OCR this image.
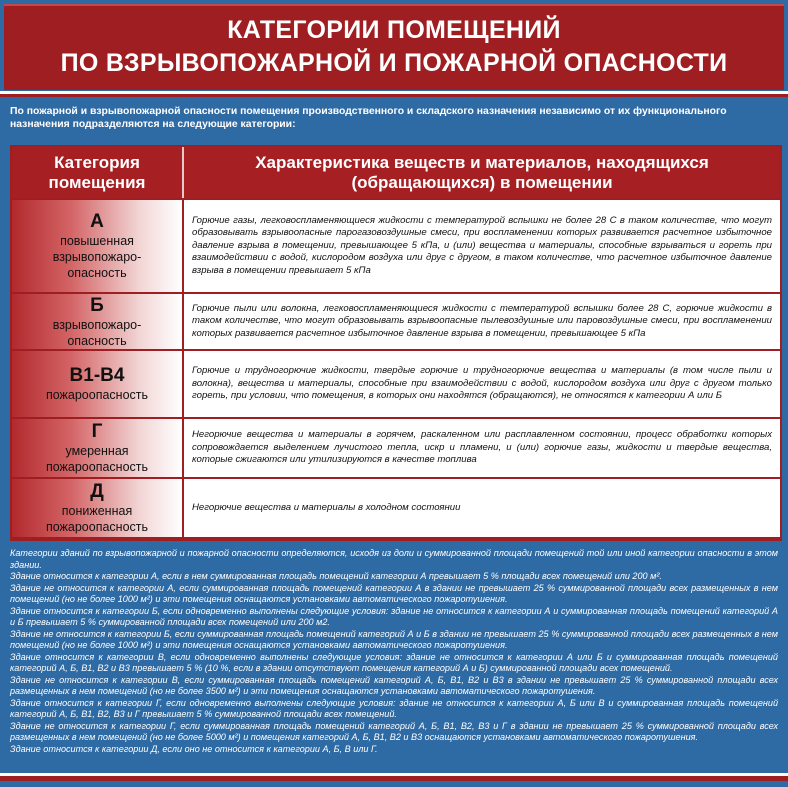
КАТЕГОРИИ ПОМЕЩЕНИЙ
ПО ВЗРЫВОПОЖАРНОЙ И ПОЖАРНОЙ ОПАСНОСТИ
По пожарной и взрывопожарной опасности помещения производственного и складского назначения независимо от их функционального назначения подразделяются на следующие категории:
Категория помещения
Характеристика веществ и материалов, находящихся (обращающихся) в помещении
А
повышенная взрывопожаро-опасность
Горючие газы, легковоспламеняющиеся жидкости с температурой вспышки не более 28 С в таком количестве, что могут образовывать взрывоопасные парогазовоздушные смеси, при воспламенении которых развивается расчетное избыточное давление взрыва в помещении, превышающее 5 кПа, и (или) вещества и материалы, способные взрываться и гореть при взаимодействии с водой, кислородом воздуха или друг с другом, в таком количестве, что расчетное избыточное давление взрыва в помещении превышает 5 кПа
Б
взрывопожаро-опасность
Горючие пыли или волокна, легковоспламеняющиеся жидкости с температурой вспышки более 28 С, горючие жидкости в таком количестве, что могут образовывать взрывоопасные пылевоздушные или паровоздушные смеси, при воспламенении которых развивается расчетное избыточное давление взрыва в помещении, превышающее 5 кПа
В1-В4
пожароопасность
Горючие и трудногорючие жидкости, твердые горючие и трудногорючие вещества и материалы (в том числе пыли и волокна), вещества и материалы, способные при взаимодействии с водой, кислородом воздуха или друг с другом только гореть, при условии, что помещения, в которых они находятся (обращаются), не относятся к категории А или Б
Г
умеренная пожароопасность
Негорючие вещества и материалы в горячем, раскаленном или расплавленном состоянии, процесс обработки которых сопровождается выделением лучистого тепла, искр и пламени, и (или) горючие газы, жидкости и твердые вещества, которые сжигаются или утилизируются в качестве топлива
Д
пониженная пожароопасность
Негорючие вещества и материалы в холодном состоянии

Категории зданий по взрывопожарной и пожарной опасности определяются, исходя из доли и суммированной площади помещений той или иной категории опасности в этом здании.

Здание относится к категории А, если в нем суммированная площадь помещений категории А превышает 5 % площади всех помещений или 200 м².

Здание не относится к категории А, если суммированная площадь помещений категории А в здании не превышает 25 % суммированной площади всех размещенных в нем помещений (но не более 1000 м²) и эти помещения оснащаются установками автоматического пожаротушения.

Здание относится к категории Б, если одновременно выполнены следующие условия: здание не относится к категории А и суммированная площадь помещений категорий А и Б превышает 5 % суммированной площади всех помещений или 200 м2.

Здание не относится к категории Б, если суммированная площадь помещений категорий А и Б в здании не превышает 25 % суммированной площади всех размещенных в нем помещений (но не более 1000 м²) и эти помещения оснащаются установками автоматического пожаротушения.

Здание относится к категории В, если одновременно выполнены следующие условия: здание не относится к категории А или Б и суммированная площадь помещений категорий А, Б, В1, В2 и В3 превышает 5 % (10 %, если в здании отсутствуют помещения категорий А и Б) суммированной площади всех помещений.

Здание не относится к категории В, если суммированная площадь помещений категорий А, Б, В1, В2 и В3 в здании не превышает 25 % суммированной площади всех размещенных в нем помещений (но не более 3500 м²) и эти помещения оснащаются установками автоматического пожаротушения.

Здание относится к категории Г, если одновременно выполнены следующие условия: здание не относится к категории А, Б или В и суммированная площадь помещений категорий А, Б, В1, В2, В3 и Г превышает 5 % суммированной площади всех помещений.

Здание не относится к категории Г, если суммированная площадь помещений категорий А, Б, В1, В2, В3 и Г в здании не превышает 25 % суммированной площади всех размещенных в нем помещений (но не более 5000 м²) и помещения категорий А, Б, В1, В2 и В3 оснащаются установками автоматического пожаротушения.

Здание относится к категории Д, если оно не относится к категории А, Б, В или Г.
